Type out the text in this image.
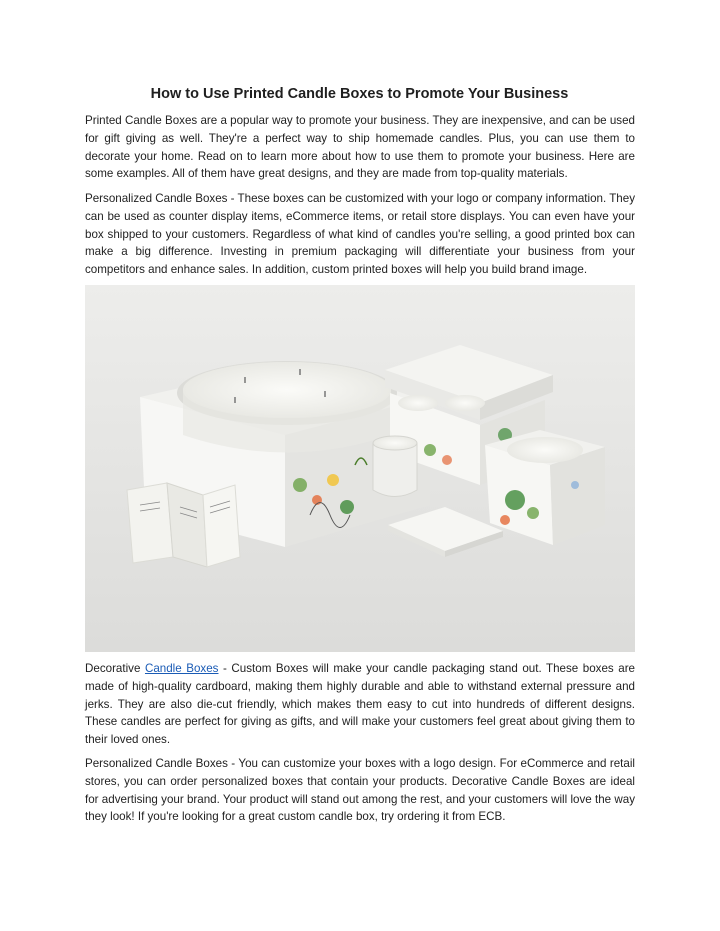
How to Use Printed Candle Boxes to Promote Your Business

Printed Candle Boxes are a popular way to promote your business. They are inexpensive, and can be used for gift giving as well. They're a perfect way to ship homemade candles. Plus, you can use them to decorate your home. Read on to learn more about how to use them to promote your business. Here are some examples. All of them have great designs, and they are made from top-quality materials.

Personalized Candle Boxes - These boxes can be customized with your logo or company information. They can be used as counter display items, eCommerce items, or retail store displays. You can even have your box shipped to your customers. Regardless of what kind of candles you're selling, a good printed box can make a big difference. Investing in premium packaging will differentiate your business from your competitors and enhance sales. In addition, custom printed boxes will help you build brand image.

Decorative Candle Boxes - Custom Boxes will make your candle packaging stand out. These boxes are made of high-quality cardboard, making them highly durable and able to withstand external pressure and jerks. They are also die-cut friendly, which makes them easy to cut into hundreds of different designs. These candles are perfect for giving as gifts, and will make your customers feel great about giving them to their loved ones.

Personalized Candle Boxes - You can customize your boxes with a logo design. For eCommerce and retail stores, you can order personalized boxes that contain your products. Decorative Candle Boxes are ideal for advertising your brand. Your product will stand out among the rest, and your customers will love the way they look! If you're looking for a great custom candle box, try ordering it from ECB.
